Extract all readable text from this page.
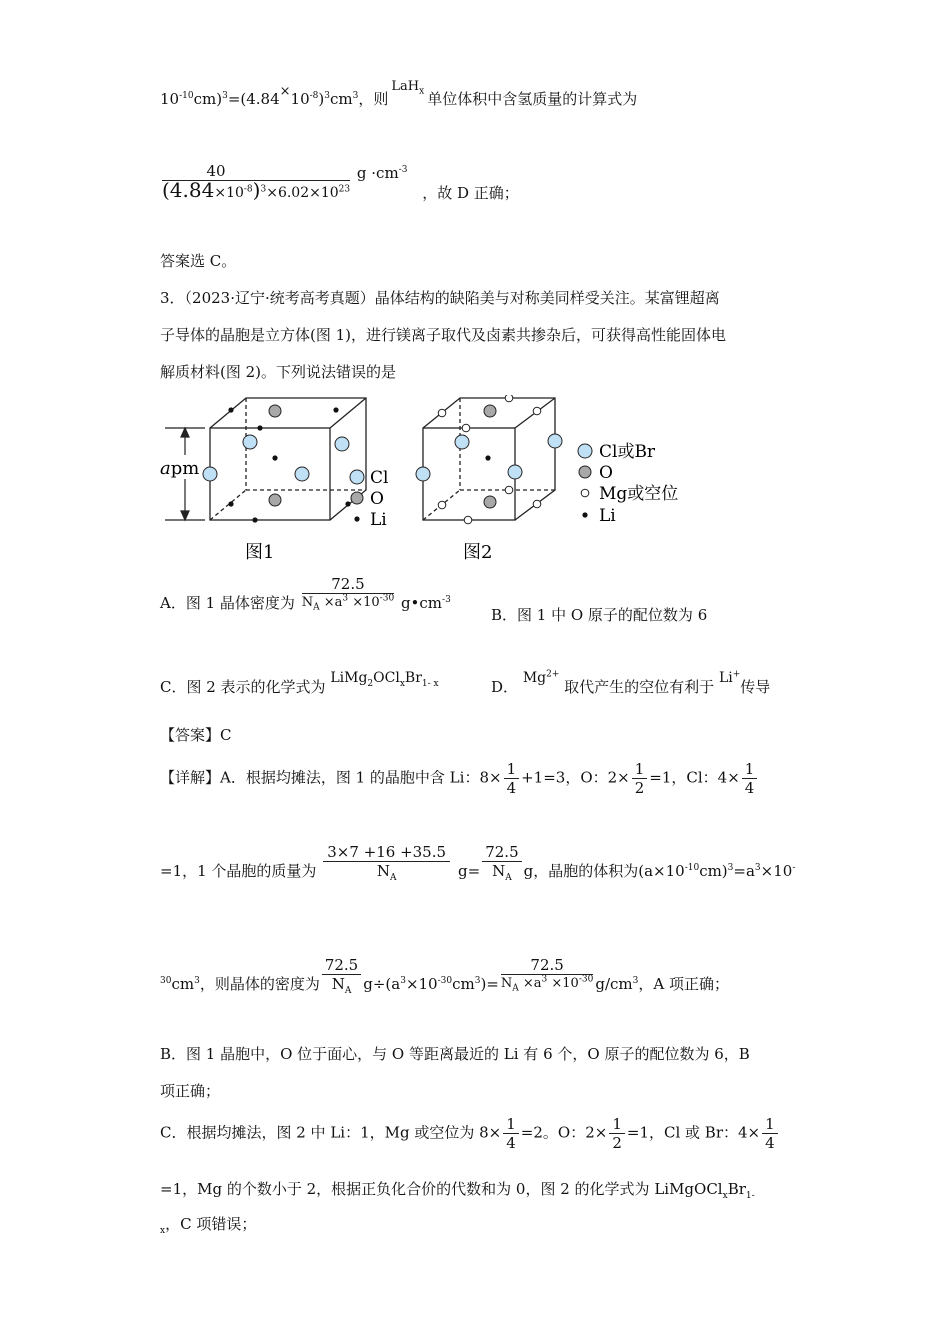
$10^{-10}cm)^3=(4.84\times 10^{-8})^3cm^3$，则LaH$_x$ 单位体积中含氢质量的计算式为
$\frac{40}{(4.84\times 10^{-8})^3\times 6.02\times 10^{23}}$ $g \cdot cm^{-3}$ ，故 D 正确；
答案选 C。
3．（2023·辽宁·统考高考真题）晶体结构的缺陷美与对称美同样受关注。某富锂超离
子导体的晶胞是立方体(图 1)，进行镁离子取代及卤素共掺杂后，可获得高性能固体电
解质材料(图 2)。下列说法错误的是
apm	Cl
O
Li
图1
Cl或Br
O
Mg或空位
Li
图2
A．图 1 晶体密度为 $\frac{72.5}{N_A \times a^3 \times 10^{-30}}$ $g•cm^{-3}$
B．图 1 中 O 原子的配位数为 6
C．图 2 表示的化学式为 $LiMg_2OCl_xBr_{1- x}$	D． $Mg^{2+}$ 取代产生的空位有利于 Li+传导
【答案】C
【详解】A．根据均摊法，图 1 的晶胞中含 Li：$8\times \frac{1}{4} +1=3$，O：$2\times \frac{1}{2} =1$，Cl：$4\times \frac{1}{4}$
=1，1 个晶胞的质量为 $\frac{3\times 7 +16 +35.5}{N_A} g= \frac{72.5}{N_A}$ g，晶胞的体积为$(a\times 10^{-10}cm)^3=a^3\times 10^-$
$^{30}cm^3$，则晶体的密度为 $\frac{72.5}{N_A} g\div(a^3\times 10^{-30}cm^3)= \frac{72.5}{N_A \times a^3 \times 10^{-30}} g/cm^3$，A 项正确；
B．图 1 晶胞中，O 位于面心，与 O 等距离最近的 Li 有 6 个，O 原子的配位数为 6，B
项正确；
C．根据均摊法，图 2 中 Li：1，Mg 或空位为 $8\times \frac{1}{4} =2$。O：$2\times \frac{1}{2} =1$，Cl 或 Br：$4\times \frac{1}{4}$
=1，Mg 的个数小于 2，根据正负化合价的代数和为 0，图 2 的化学式为 $LiMgOCl_xBr_{1-}$
$_x$，C 项错误；
